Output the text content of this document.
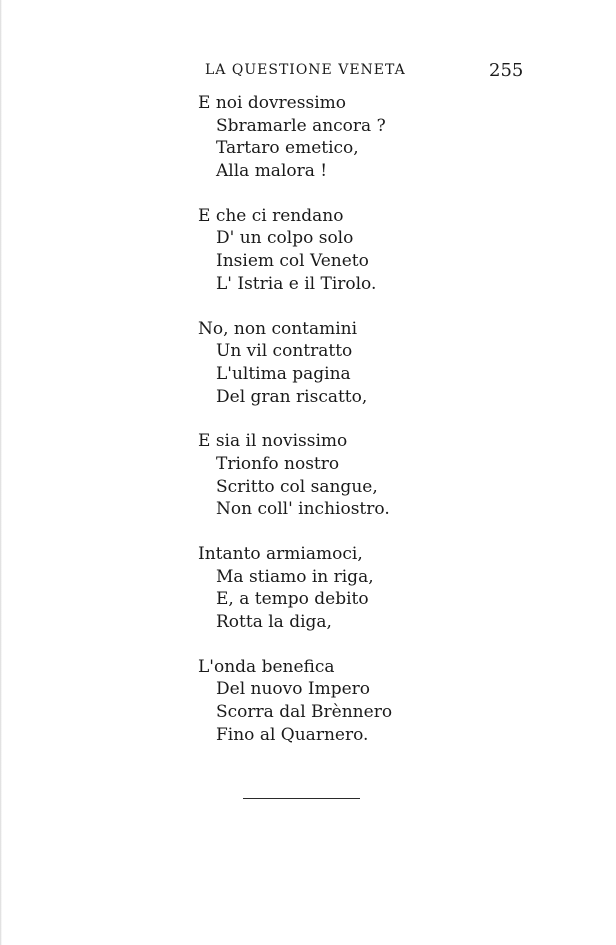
LA QUESTIONE VENETA	255
E noi dovressimo
Sbramarle ancora ?
Tartaro emetico,
Alla malora !
E che ci rendano
D' un colpo solo
Insiem col Veneto
L' Istria e il Tirolo.
No, non contamini
Un vil contratto
L'ultima pagina
Del gran riscatto,
E sia il novissimo
Trionfo nostro
Scritto col sangue,
Non coll' inchiostro.
Intanto armiamoci,
Ma stiamo in riga,
E, a tempo debito
Rotta la diga,
L'onda benefica
Del nuovo Impero
Scorra dal Brènnero
Fino al Quarnero.
